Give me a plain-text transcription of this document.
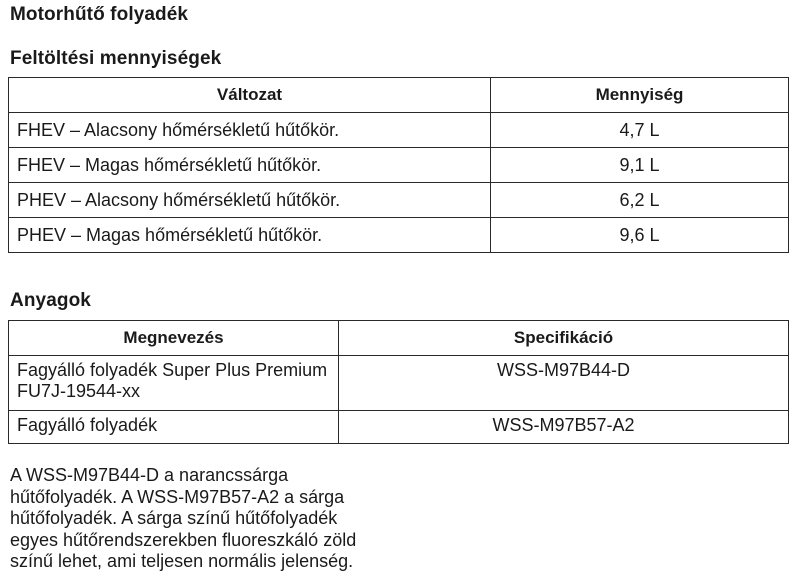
Motorhűtő folyadék
Feltöltési mennyiségek
Változat	Mennyiség
FHEV – Alacsony hőmérsékletű hűtőkör.	4,7 L
FHEV – Magas hőmérsékletű hűtőkör.	9,1 L
PHEV – Alacsony hőmérsékletű hűtőkör.	6,2 L
PHEV – Magas hőmérsékletű hűtőkör.	9,6 L
Anyagok
Megnevezés	Specifikáció

Fagyálló folyadék Super Plus Premium
FU7J-19544-xx	WSS-M97B44-D

Fagyálló folyadék	WSS-M97B57-A2

A WSS-M97B44-D a narancssárga
hűtőfolyadék. A WSS-M97B57-A2 a sárga
hűtőfolyadék. A sárga színű hűtőfolyadék
egyes hűtőrendszerekben fluoreszkáló zöld
színű lehet, ami teljesen normális jelenség.
